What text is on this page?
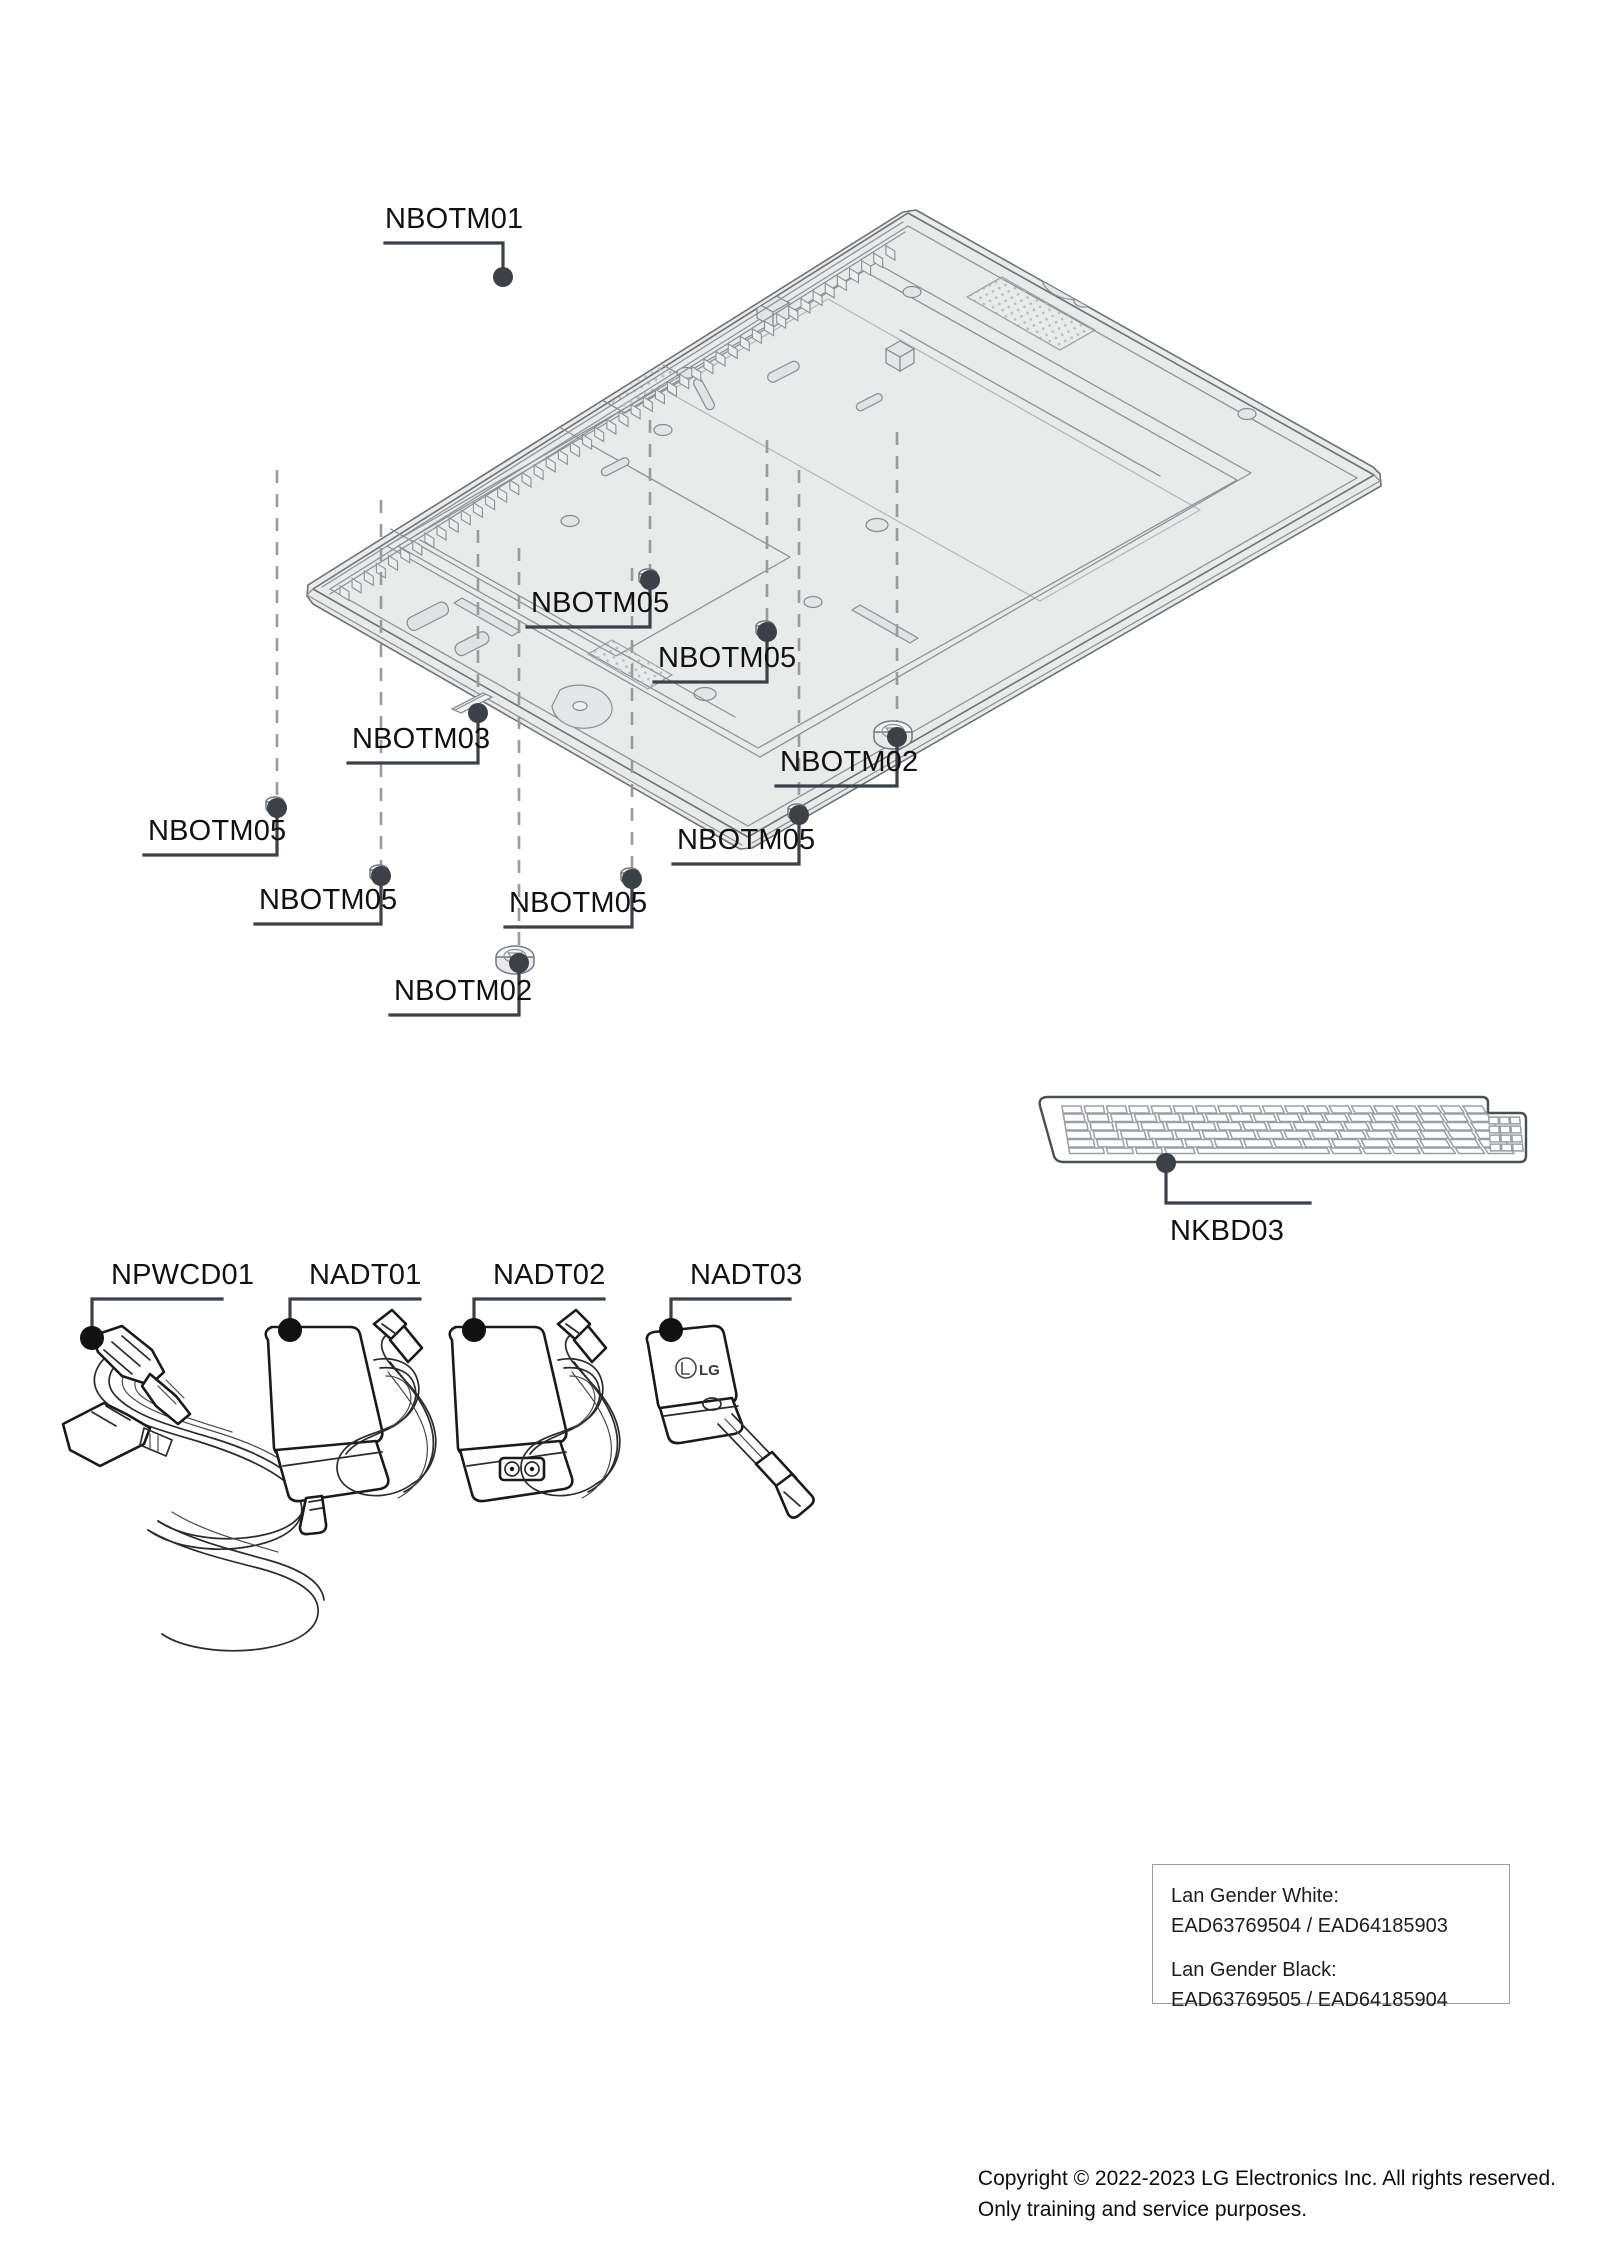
NBOTM01
NBOTM05
NBOTM05
NBOTM03
NBOTM02
NBOTM05
NBOTM05
NBOTM05	NBOTM05
NBOTM02
NKBD03
LG
NPWCD01 NADT01 NADT02	NADT03
Lan Gender White:
EAD63769504 / EAD64185903
Lan Gender Black:
EAD63769505 / EAD64185904
Copyright © 2022-2023 LG Electronics Inc. All rights reserved.
Only training and service purposes.
